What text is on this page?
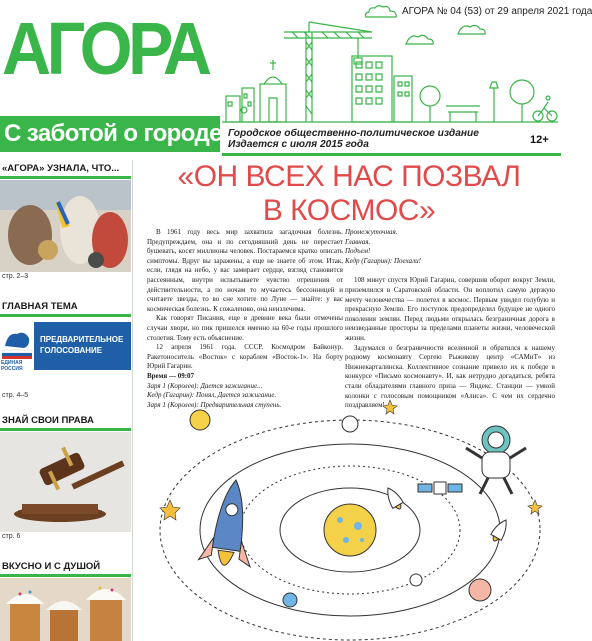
АГОРА № 04 (53) от 29 апреля 2021 года
АГОРА
С заботой о городе Городское общественно-политическое издание
Издается с июля 2015 года	12+
«АГОРА» УЗНАЛА, ЧТО...
стр. 2–3
ГЛАВНАЯ ТЕМА
ЕДИНАЯ
РОССИЯ
ПРЕДВАРИТЕЛЬНОЕ
ГОЛОСОВАНИЕ
стр. 4–5
ЗНАЙ СВОИ ПРАВА
стр. 6
ВКУСНО И С ДУШОЙ
«ОН ВСЕХ НАС ПОЗВАЛ
В КОСМОС»

В 1961 году весь мир захватила загадочная болезнь. Предупреждаем, она и по сегодняшний день не перестает бушевать, косят миллионы человек. Постараемся кратко описать симптомы. Вдруг вы заражены, а еще не знаете об этом. Итак, если, глядя на небо, у вас замирает сердце, взгляд становится рассеянным, внутри испытываете чувство отрешения от действительности, а по ночам то мучаетесь бессонницей и считаете звезды, то во сне хотите по Луне — знайте: у вас космическая болезнь. К сожалению, она неизлечима.

Как говорят Писания, еще в древние века были отмечены случаи хвори, но пик пришелся именно на 60-е годы прошлого столетия. Тому есть объяснение.

12 апреля 1961 года. СССР. Космодром Байконур. Ракетоноситель «Восток» с кораблем «Восток-1». На борту Юрий Гагарин.

Время — 09:07

Заря 1 (Королев): Дается зажигание...

Кедр (Гагарин): Понял, Дается зажигание.

Заря 1 (Королев): Предварительная ступень.

Промежуточная.

Главная.

Подъем!

Кедр (Гагарин): Поехали!

108 минут спустя Юрий Гагарин, совершив оборот вокруг Земли, приземлился в Саратовской области. Он воплотил самую дерзкую мечту человечества — полетел в космос. Первым увидел голубую и прекрасную Землю. Его поступок предопределил будущее не одного поколения землян. Перед людьми открылась безграничная дорога в неизведанные просторы за пределами планеты жизни, человеческой жизни.

Задумался о безграничности вселенной и обратился к нашему родному космонавту Сергею Рыжикову центр «САМиТ» из Нижнекарталинска. Коллективное сознание привело их к победе в конкурсе «Письмо космонавту». И, как нетрудно догадаться, ребята стали обладателями главного приза — Яндекс. Станции — умной колонки с голосовым помощником «Алиса». С чем их сердечно поздравляем!
